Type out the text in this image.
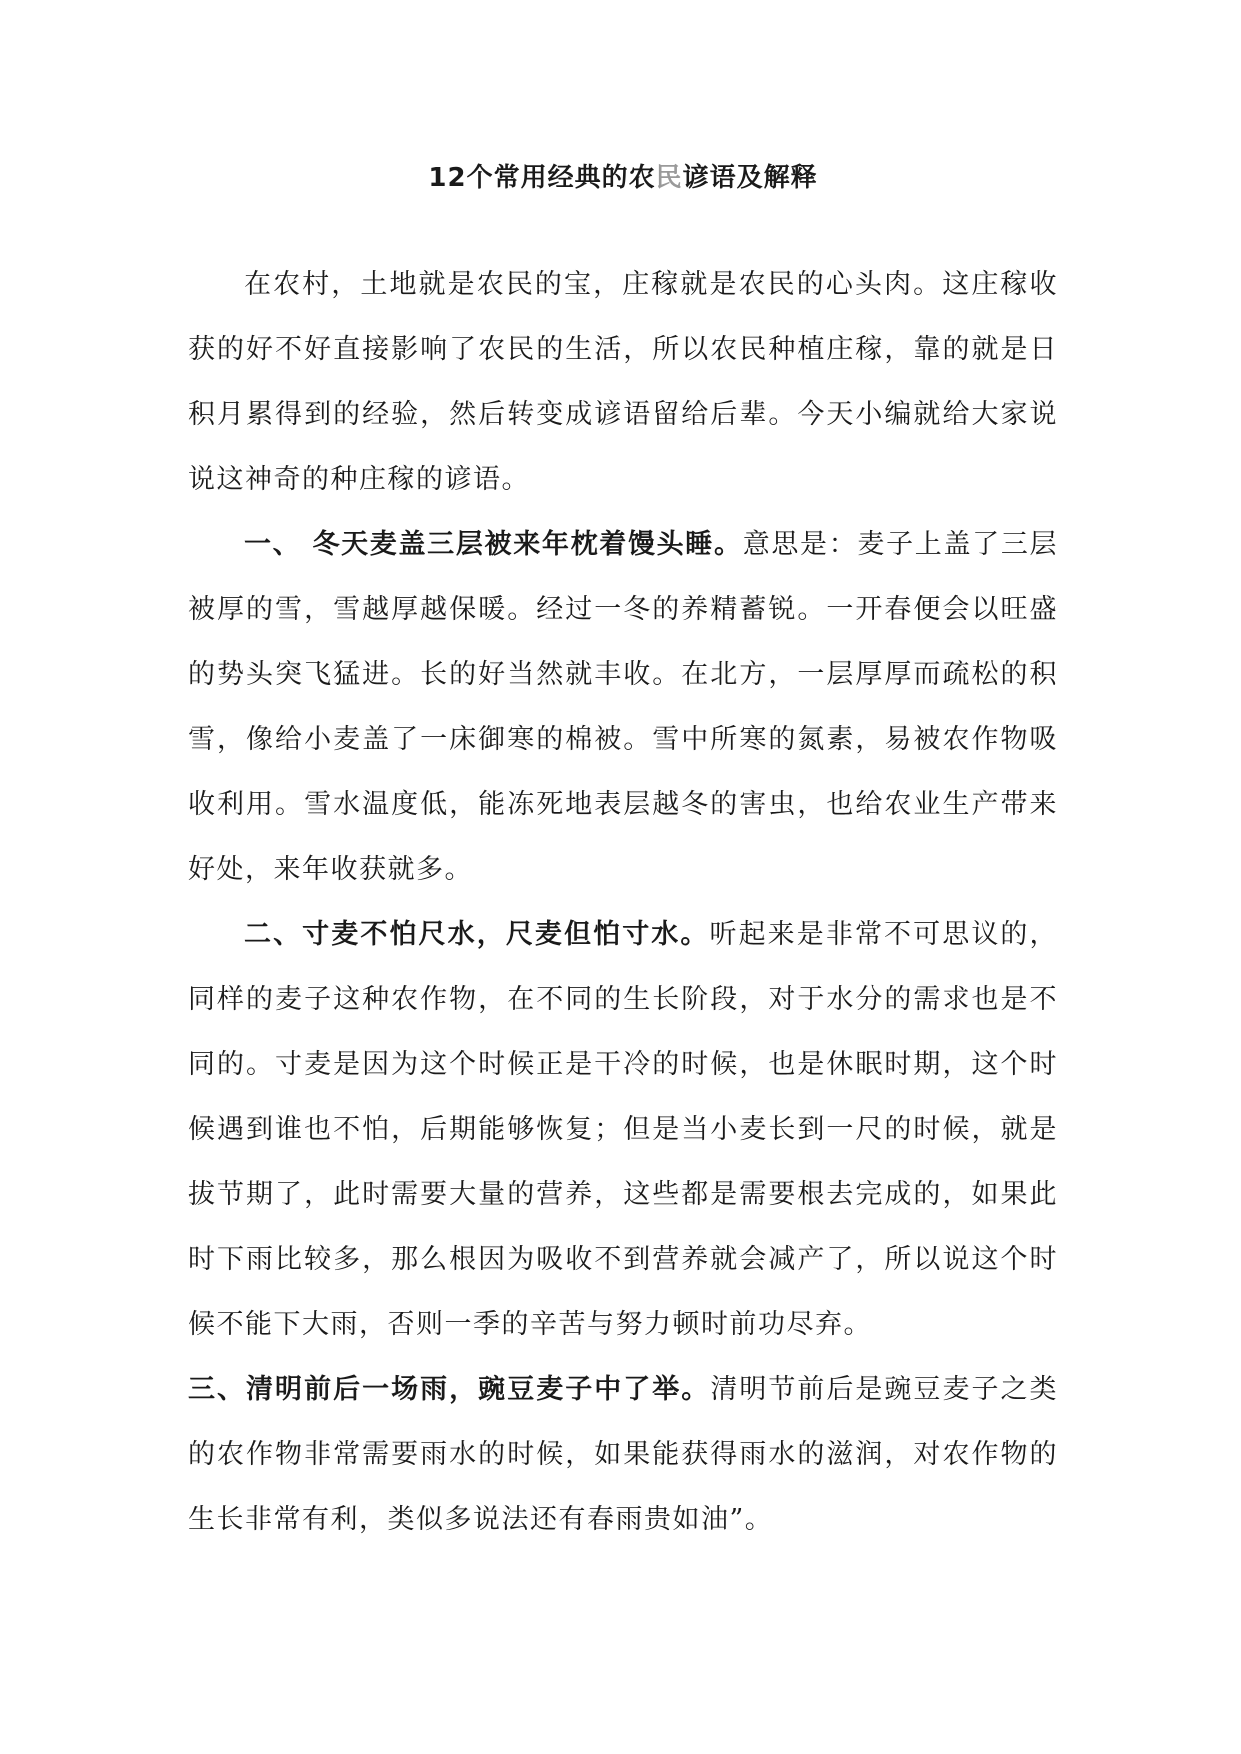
12个常用经典的农民谚语及解释

在农村，土地就是农民的宝，庄稼就是农民的心头肉。这庄稼收获的好不好直接影响了农民的生活，所以农民种植庄稼，靠的就是日积月累得到的经验，然后转变成谚语留给后辈。今天小编就给大家说说这神奇的种庄稼的谚语。

一、 冬天麦盖三层被来年枕着馒头睡。意思是：麦子上盖了三层被厚的雪，雪越厚越保暖。经过一冬的养精蓄锐。一开春便会以旺盛的势头突飞猛进。长的好当然就丰收。在北方，一层厚厚而疏松的积雪，像给小麦盖了一床御寒的棉被。雪中所寒的氮素，易被农作物吸收利用。雪水温度低，能冻死地表层越冬的害虫，也给农业生产带来好处，来年收获就多。

二、寸麦不怕尺水，尺麦但怕寸水。听起来是非常不可思议的，同样的麦子这种农作物，在不同的生长阶段，对于水分的需求也是不同的。寸麦是因为这个时候正是干冷的时候，也是休眠时期，这个时候遇到谁也不怕，后期能够恢复；但是当小麦长到一尺的时候，就是拔节期了，此时需要大量的营养，这些都是需要根去完成的，如果此时下雨比较多，那么根因为吸收不到营养就会减产了，所以说这个时候不能下大雨，否则一季的辛苦与努力顿时前功尽弃。

三、清明前后一场雨，豌豆麦子中了举。清明节前后是豌豆麦子之类的农作物非常需要雨水的时候，如果能获得雨水的滋润，对农作物的生长非常有利，类似多说法还有春雨贵如油”。
